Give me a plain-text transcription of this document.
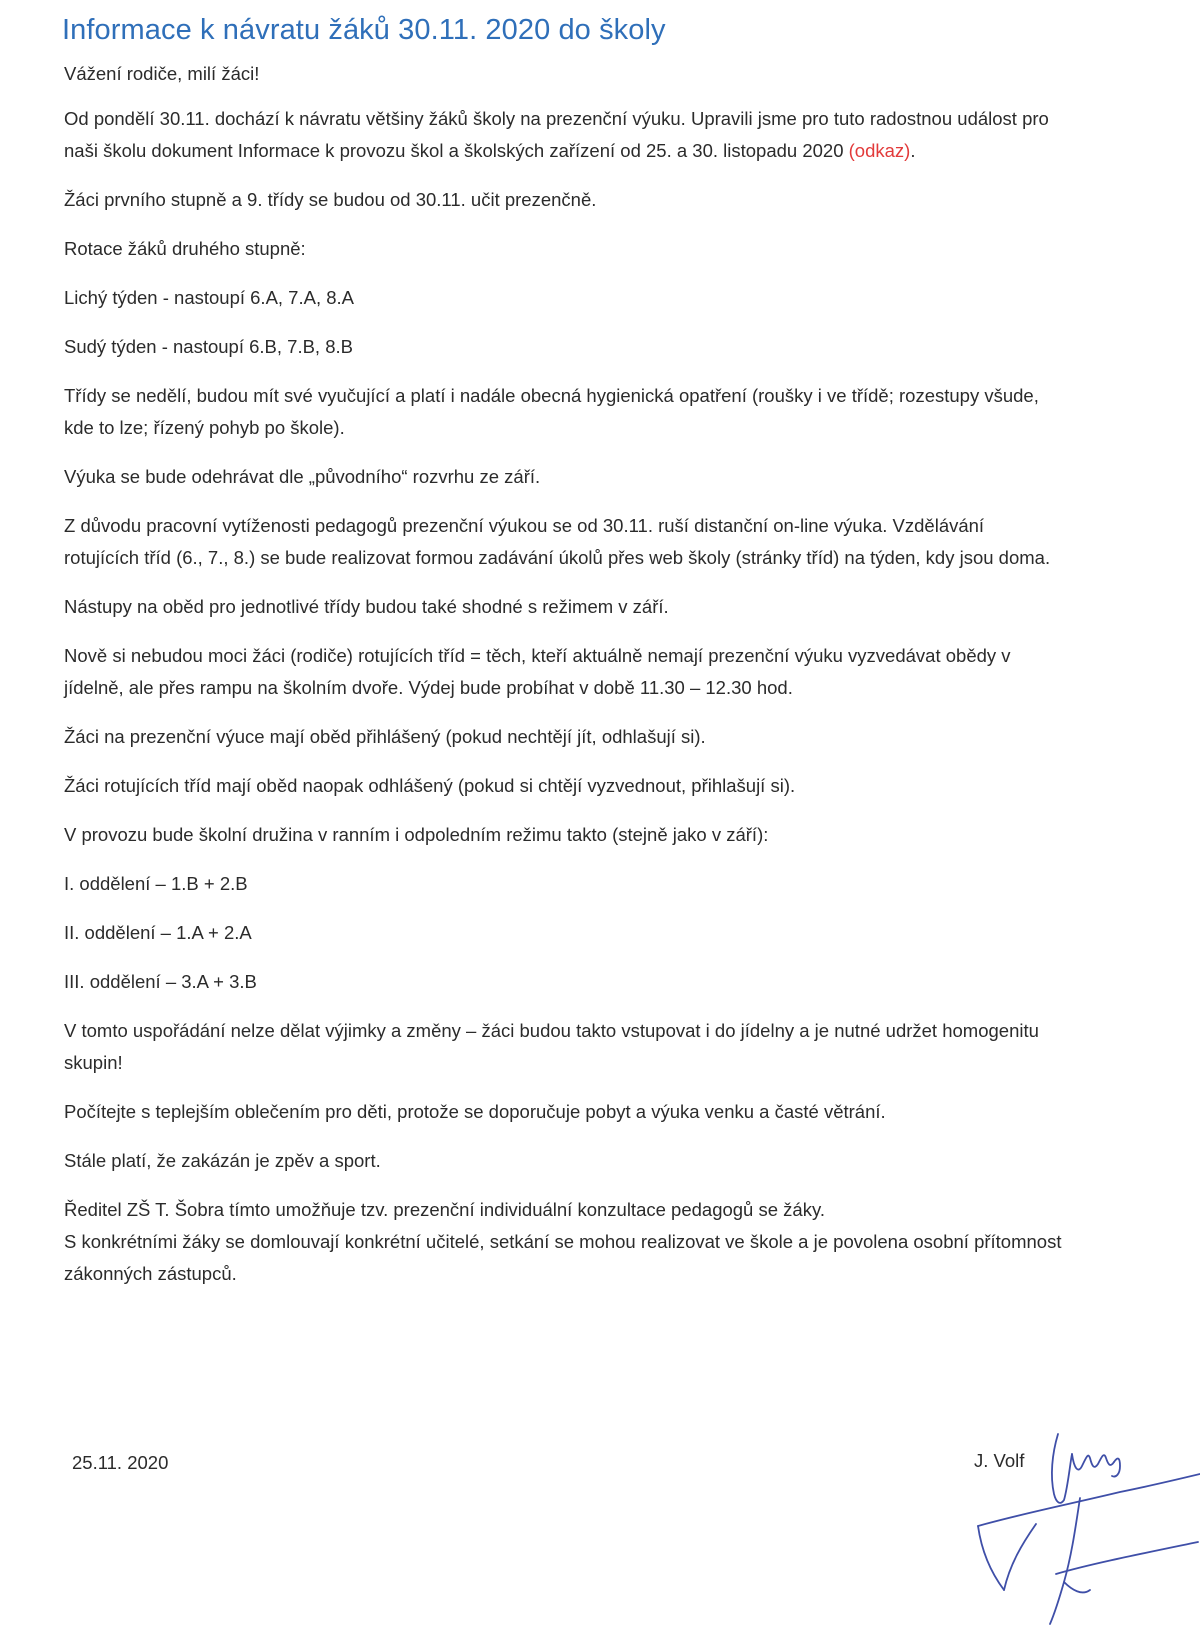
Informace k návratu žáků 30.11. 2020 do školy

Vážení rodiče, milí žáci!

Od pondělí 30.11. dochází k návratu většiny žáků školy na prezenční výuku. Upravili jsme pro tuto radostnou událost pro naši školu dokument Informace k provozu škol a školských zařízení od 25. a 30. listopadu 2020 (odkaz).

Žáci prvního stupně a 9. třídy se budou od 30.11. učit prezenčně.

Rotace žáků druhého stupně:

Lichý týden - nastoupí 6.A, 7.A, 8.A

Sudý týden - nastoupí 6.B, 7.B, 8.B

Třídy se nedělí, budou mít své vyučující a platí i nadále obecná hygienická opatření (roušky i ve třídě; rozestupy všude, kde to lze; řízený pohyb po škole).

Výuka se bude odehrávat dle „původního“ rozvrhu ze září.

Z důvodu pracovní vytíženosti pedagogů prezenční výukou se od 30.11. ruší distanční on-line výuka. Vzdělávání rotujících tříd (6., 7., 8.) se bude realizovat formou zadávání úkolů přes web školy (stránky tříd) na týden, kdy jsou doma.

Nástupy na oběd pro jednotlivé třídy budou také shodné s režimem v září.

Nově si nebudou moci žáci (rodiče) rotujících tříd = těch, kteří aktuálně nemají prezenční výuku vyzvedávat obědy v jídelně, ale přes rampu na školním dvoře. Výdej bude probíhat v době 11.30 – 12.30 hod.

Žáci na prezenční výuce mají oběd přihlášený (pokud nechtějí jít, odhlašují si).

Žáci rotujících tříd mají oběd naopak odhlášený (pokud si chtějí vyzvednout, přihlašují si).

V provozu bude školní družina v ranním i odpoledním režimu takto (stejně jako v září):

I. oddělení – 1.B + 2.B

II. oddělení – 1.A + 2.A

III. oddělení – 3.A + 3.B

V tomto uspořádání nelze dělat výjimky a změny – žáci budou takto vstupovat i do jídelny a je nutné udržet homogenitu skupin!

Počítejte s teplejším oblečením pro děti, protože se doporučuje pobyt a výuka venku a časté větrání.

Stále platí, že zakázán je zpěv a sport.

Ředitel ZŠ T. Šobra tímto umožňuje tzv. prezenční individuální konzultace pedagogů se žáky.
S konkrétními žáky se domlouvají konkrétní učitelé, setkání se mohou realizovat ve škole a je povolena osobní přítomnost zákonných zástupců.

25.11. 2020	J. Volf
